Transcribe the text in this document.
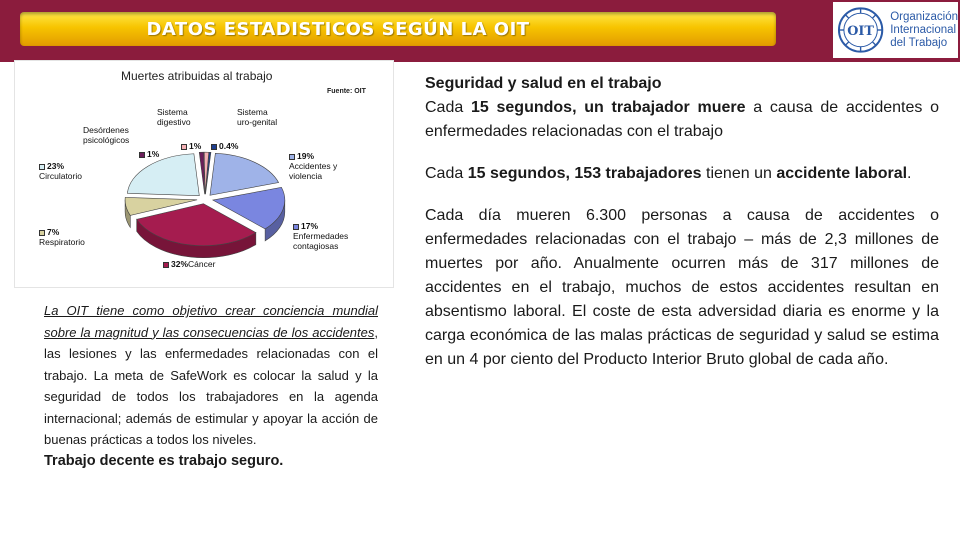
DATOS ESTADISTICOS SEGÚN LA OIT	OIT
Organización
Internacional
del Trabajo
Muertes atribuidas al trabajo
Fuente: OIT
Sistema
digestivo
1%
Sistema
uro-genital
0.4%
Desórdenes
psicológicos
1%
23%
Circulatorio
19%
Accidentes y
violencia
7%
Respiratorio
17%
Enfermedades
contagiosas
32%Cáncer
La OIT tiene como objetivo crear conciencia mundial sobre la magnitud y las consecuencias de los accidentes, las lesiones y las enfermedades relacionadas con el trabajo. La meta de SafeWork es colocar la salud y la seguridad de todos los trabajadores en la agenda internacional; además de estimular y apoyar la acción de buenas prácticas a todos los niveles.
Trabajo decente es trabajo seguro.

Seguridad y salud en el trabajo
Cada 15 segundos, un trabajador muere a causa de accidentes o enfermedades relacionadas con el trabajo

Cada 15 segundos, 153 trabajadores tienen un accidente laboral.

Cada día mueren 6.300 personas a causa de accidentes o enfermedades relacionadas con el trabajo – más de 2,3 millones de muertes por año. Anualmente ocurren más de 317 millones de accidentes en el trabajo, muchos de estos accidentes resultan en absentismo laboral. El coste de esta adversidad diaria es enorme y la carga económica de las malas prácticas de seguridad y salud se estima en un 4 por ciento del Producto Interior Bruto global de cada año.
